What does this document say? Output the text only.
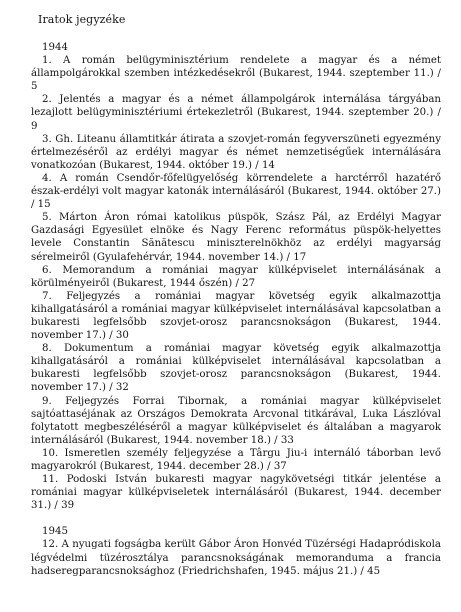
Iratok jegyzéke

1944

1. A román belügyminisztérium rendelete a magyar és a német állampolgárokkal szemben intézkedésekről (Bukarest, 1944. szeptember 11.) / 5

2. Jelentés a magyar és a német állampolgárok internálása tárgyában lezajlott belügyminisztériumi értekezletről (Bukarest, 1944. szeptember 20.) / 9

3. Gh. Liteanu államtitkár átirata a szovjet-román fegyverszüneti egyezmény értelmezéséről az erdélyi magyar és német nemzetiségűek internálására vonatkozóan (Bukarest, 1944. október 19.) / 14

4. A román Csendőr-főfelügyelőség körrendelete a harctérről hazatérő észak-erdélyi volt magyar katonák internálásáról (Bukarest, 1944. október 27.) / 15

5. Márton Áron római katolikus püspök, Szász Pál, az Erdélyi Magyar Gazdasági Egyesület elnöke és Nagy Ferenc református püspök-helyettes levele Constantin Sănătescu miniszterelnökhöz az erdélyi magyarság sérelmeiről (Gyulafehérvár, 1944. november 14.) / 17

6. Memorandum a romániai magyar külképviselet internálásának a körülményeiről (Bukarest, 1944 őszén) / 27

7. Feljegyzés a romániai magyar követség egyik alkalmazottja kihallgatásáról a romániai magyar külképviselet internálásával kapcsolatban a bukaresti legfelsőbb szovjet-orosz parancsnokságon (Bukarest, 1944. november 17.) / 30

8. Dokumentum a romániai magyar követség egyik alkalmazottja kihallgatásáról a romániai külképviselet internálásával kapcsolatban a bukaresti legfelsőbb szovjet-orosz parancsnokságon (Bukarest, 1944. november 17.) / 32

9. Feljegyzés Forrai Tibornak, a romániai magyar külképviselet sajtóattaséjának az Országos Demokrata Arcvonal titkárával, Luka Lászlóval folytatott megbeszéléséről a magyar külképviselet és általában a magyarok internálásáról (Bukarest, 1944. november 18.) / 33

10. Ismeretlen személy feljegyzése a Târgu Jiu-i internáló táborban levő magyarokról (Bukarest, 1944. december 28.) / 37

11. Podoski István bukaresti magyar nagykövetségi titkár jelentése a romániai magyar külképviseletek internálásáról (Bukarest, 1944. december 31.) / 39

1945

12. A nyugati fogságba került Gábor Áron Honvéd Tüzérségi Hadapródiskola légvédelmi tüzérosztálya parancsnokságának memoranduma a francia hadseregparancsnoksághoz (Friedrichshafen, 1945. május 21.) / 45
